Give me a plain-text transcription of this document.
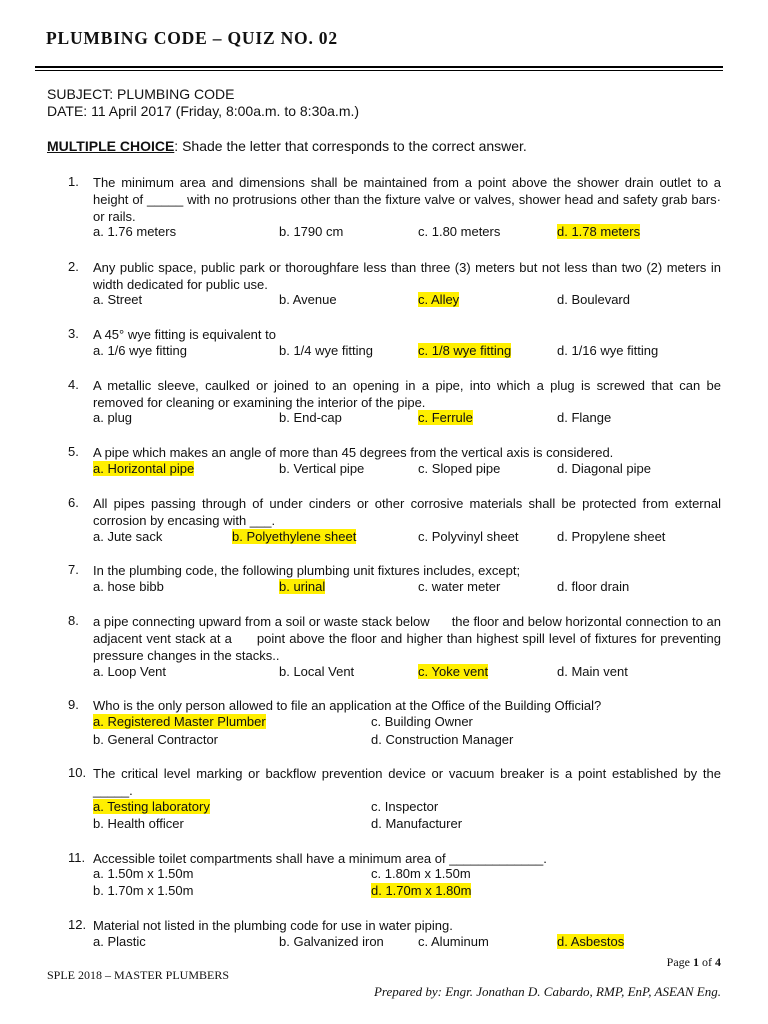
PLUMBING CODE – QUIZ NO. 02
SUBJECT: PLUMBING CODE
DATE: 11 April 2017 (Friday, 8:00a.m. to 8:30a.m.)
MULTIPLE CHOICE: Shade the letter that corresponds to the correct answer.
1. The minimum area and dimensions shall be maintained from a point above the shower drain outlet to a height of _____ with no protrusions other than the fixture valve or valves, shower head and safety grab bars· or rails.
a. 1.76 meters	b. 1790 cm	c. 1.80 meters	d. 1.78 meters
2. Any public space, public park or thoroughfare less than three (3) meters but not less than two (2) meters in width dedicated for public use.
a. Street	b. Avenue	c. Alley	d. Boulevard
3. A 45° wye fitting is equivalent to
a. 1/6 wye fitting	b. 1/4 wye fitting	c. 1/8 wye fitting	d. 1/16 wye fitting
4. A metallic sleeve, caulked or joined to an opening in a pipe, into which a plug is screwed that can be removed for cleaning or examining the interior of the pipe.
a. plug	b. End-cap	c. Ferrule	d. Flange
5. A pipe which makes an angle of more than 45 degrees from the vertical axis is considered.
a. Horizontal pipe	b. Vertical pipe	c. Sloped pipe	d. Diagonal pipe
6. All pipes passing through of under cinders or other corrosive materials shall be protected from external corrosion by encasing with ___.
a. Jute sack	b. Polyethylene sheet	c. Polyvinyl sheet	d. Propylene sheet
7. In the plumbing code, the following plumbing unit fixtures includes, except;
a. hose bibb	b. urinal	c. water meter	d. floor drain
8. a pipe connecting upward from a soil or waste stack below      the floor and below horizontal connection to an adjacent vent stack at a      point above the floor and higher than highest spill level of fixtures for preventing pressure changes in the stacks..
a. Loop Vent	b. Local Vent	c. Yoke vent	d. Main vent
9. Who is the only person allowed to file an application at the Office of the Building Official?
a. Registered Master Plumber	c. Building Owner
b. General Contractor	d. Construction Manager
10. The critical level marking or backflow prevention device or vacuum breaker is a point established by the _____.
a. Testing laboratory	c. Inspector
b. Health officer	d. Manufacturer
11. Accessible toilet compartments shall have a minimum area of _____________.
a. 1.50m x 1.50m	c. 1.80m x 1.50m
b. 1.70m x 1.50m	d. 1.70m x 1.80m
12. Material not listed in the plumbing code for use in water piping.
a. Plastic	b. Galvanized iron	c. Aluminum	d. Asbestos
Page 1 of 4
SPLE 2018 – MASTER PLUMBERS
Prepared by: Engr. Jonathan D. Cabardo, RMP, EnP, ASEAN Eng.
